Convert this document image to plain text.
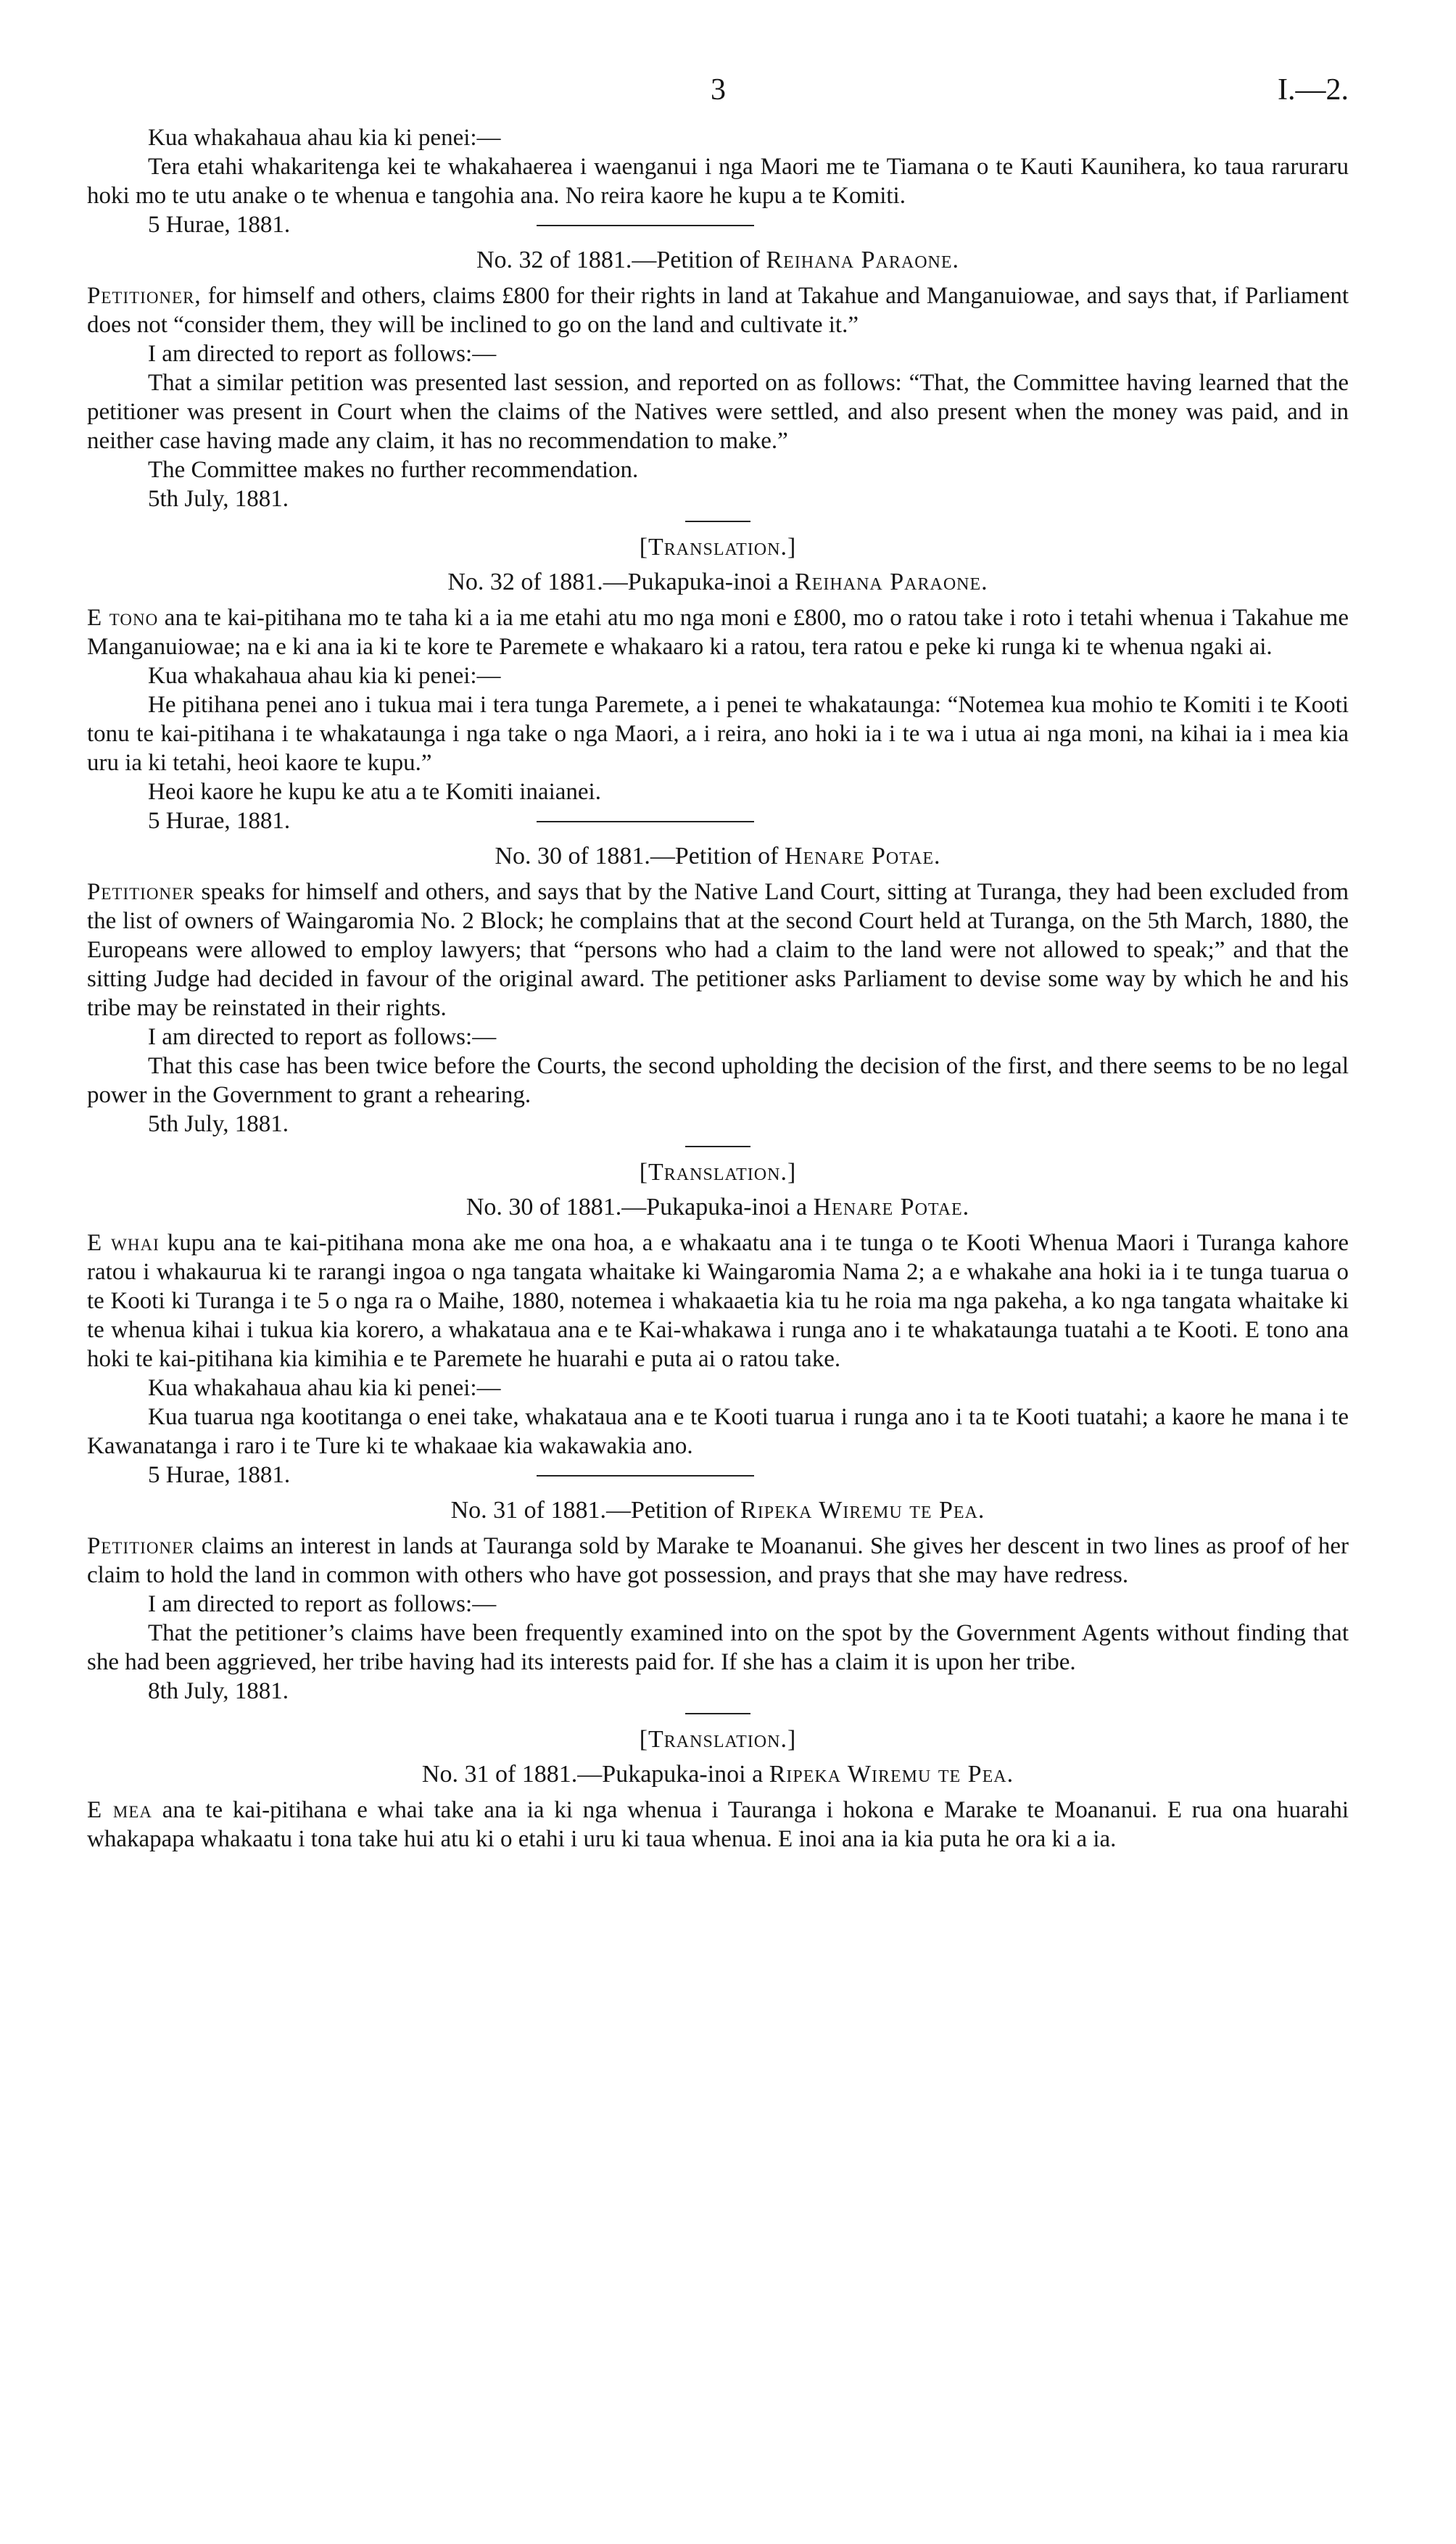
3	I.—2.

Kua whakahaua ahau kia ki penei:—

Tera etahi whakaritenga kei te whakahaerea i waenganui i nga Maori me te Tiamana o te Kauti Kaunihera, ko taua raruraru hoki mo te utu anake o te whenua e tangohia ana. No reira kaore he kupu a te Komiti.

5 Hurae, 1881.

No. 32 of 1881.—Petition of Reihana Paraone.

Petitioner, for himself and others, claims £800 for their rights in land at Takahue and Manganuiowae, and says that, if Parliament does not “consider them, they will be inclined to go on the land and cultivate it.”

I am directed to report as follows:—

That a similar petition was presented last session, and reported on as follows: “That, the Committee having learned that the petitioner was present in Court when the claims of the Natives were settled, and also present when the money was paid, and in neither case having made any claim, it has no recommendation to make.”

The Committee makes no further recommendation.

5th July, 1881.

[Translation.]

No. 32 of 1881.—Pukapuka-inoi a Reihana Paraone.

E tono ana te kai-pitihana mo te taha ki a ia me etahi atu mo nga moni e £800, mo o ratou take i roto i tetahi whenua i Takahue me Manganuiowae; na e ki ana ia ki te kore te Paremete e whakaaro ki a ratou, tera ratou e peke ki runga ki te whenua ngaki ai.

Kua whakahaua ahau kia ki penei:—

He pitihana penei ano i tukua mai i tera tunga Paremete, a i penei te whakataunga: “Notemea kua mohio te Komiti i te Kooti tonu te kai-pitihana i te whakataunga i nga take o nga Maori, a i reira, ano hoki ia i te wa i utua ai nga moni, na kihai ia i mea kia uru ia ki tetahi, heoi kaore te kupu.”

Heoi kaore he kupu ke atu a te Komiti inaianei.

5 Hurae, 1881.

No. 30 of 1881.—Petition of Henare Potae.

Petitioner speaks for himself and others, and says that by the Native Land Court, sitting at Turanga, they had been excluded from the list of owners of Waingaromia No. 2 Block; he complains that at the second Court held at Turanga, on the 5th March, 1880, the Europeans were allowed to employ lawyers; that “persons who had a claim to the land were not allowed to speak;” and that the sitting Judge had decided in favour of the original award. The petitioner asks Parliament to devise some way by which he and his tribe may be reinstated in their rights.

I am directed to report as follows:—

That this case has been twice before the Courts, the second upholding the decision of the first, and there seems to be no legal power in the Government to grant a rehearing.

5th July, 1881.

[Translation.]

No. 30 of 1881.—Pukapuka-inoi a Henare Potae.

E whai kupu ana te kai-pitihana mona ake me ona hoa, a e whakaatu ana i te tunga o te Kooti Whenua Maori i Turanga kahore ratou i whakaurua ki te rarangi ingoa o nga tangata whaitake ki Waingaromia Nama 2; a e whakahe ana hoki ia i te tunga tuarua o te Kooti ki Turanga i te 5 o nga ra o Maihe, 1880, notemea i whakaaetia kia tu he roia ma nga pakeha, a ko nga tangata whaitake ki te whenua kihai i tukua kia korero, a whakataua ana e te Kai-whakawa i runga ano i te whakataunga tuatahi a te Kooti. E tono ana hoki te kai-pitihana kia kimihia e te Paremete he huarahi e puta ai o ratou take.

Kua whakahaua ahau kia ki penei:—

Kua tuarua nga kootitanga o enei take, whakataua ana e te Kooti tuarua i runga ano i ta te Kooti tuatahi; a kaore he mana i te Kawanatanga i raro i te Ture ki te whakaae kia wakawakia ano.

5 Hurae, 1881.

No. 31 of 1881.—Petition of Ripeka Wiremu te Pea.

Petitioner claims an interest in lands at Tauranga sold by Marake te Moananui. She gives her descent in two lines as proof of her claim to hold the land in common with others who have got possession, and prays that she may have redress.

I am directed to report as follows:—

That the petitioner’s claims have been frequently examined into on the spot by the Government Agents without finding that she had been aggrieved, her tribe having had its interests paid for. If she has a claim it is upon her tribe.

8th July, 1881.

[Translation.]

No. 31 of 1881.—Pukapuka-inoi a Ripeka Wiremu te Pea.

E mea ana te kai-pitihana e whai take ana ia ki nga whenua i Tauranga i hokona e Marake te Moananui. E rua ona huarahi whakapapa whakaatu i tona take hui atu ki o etahi i uru ki taua whenua. E inoi ana ia kia puta he ora ki a ia.
